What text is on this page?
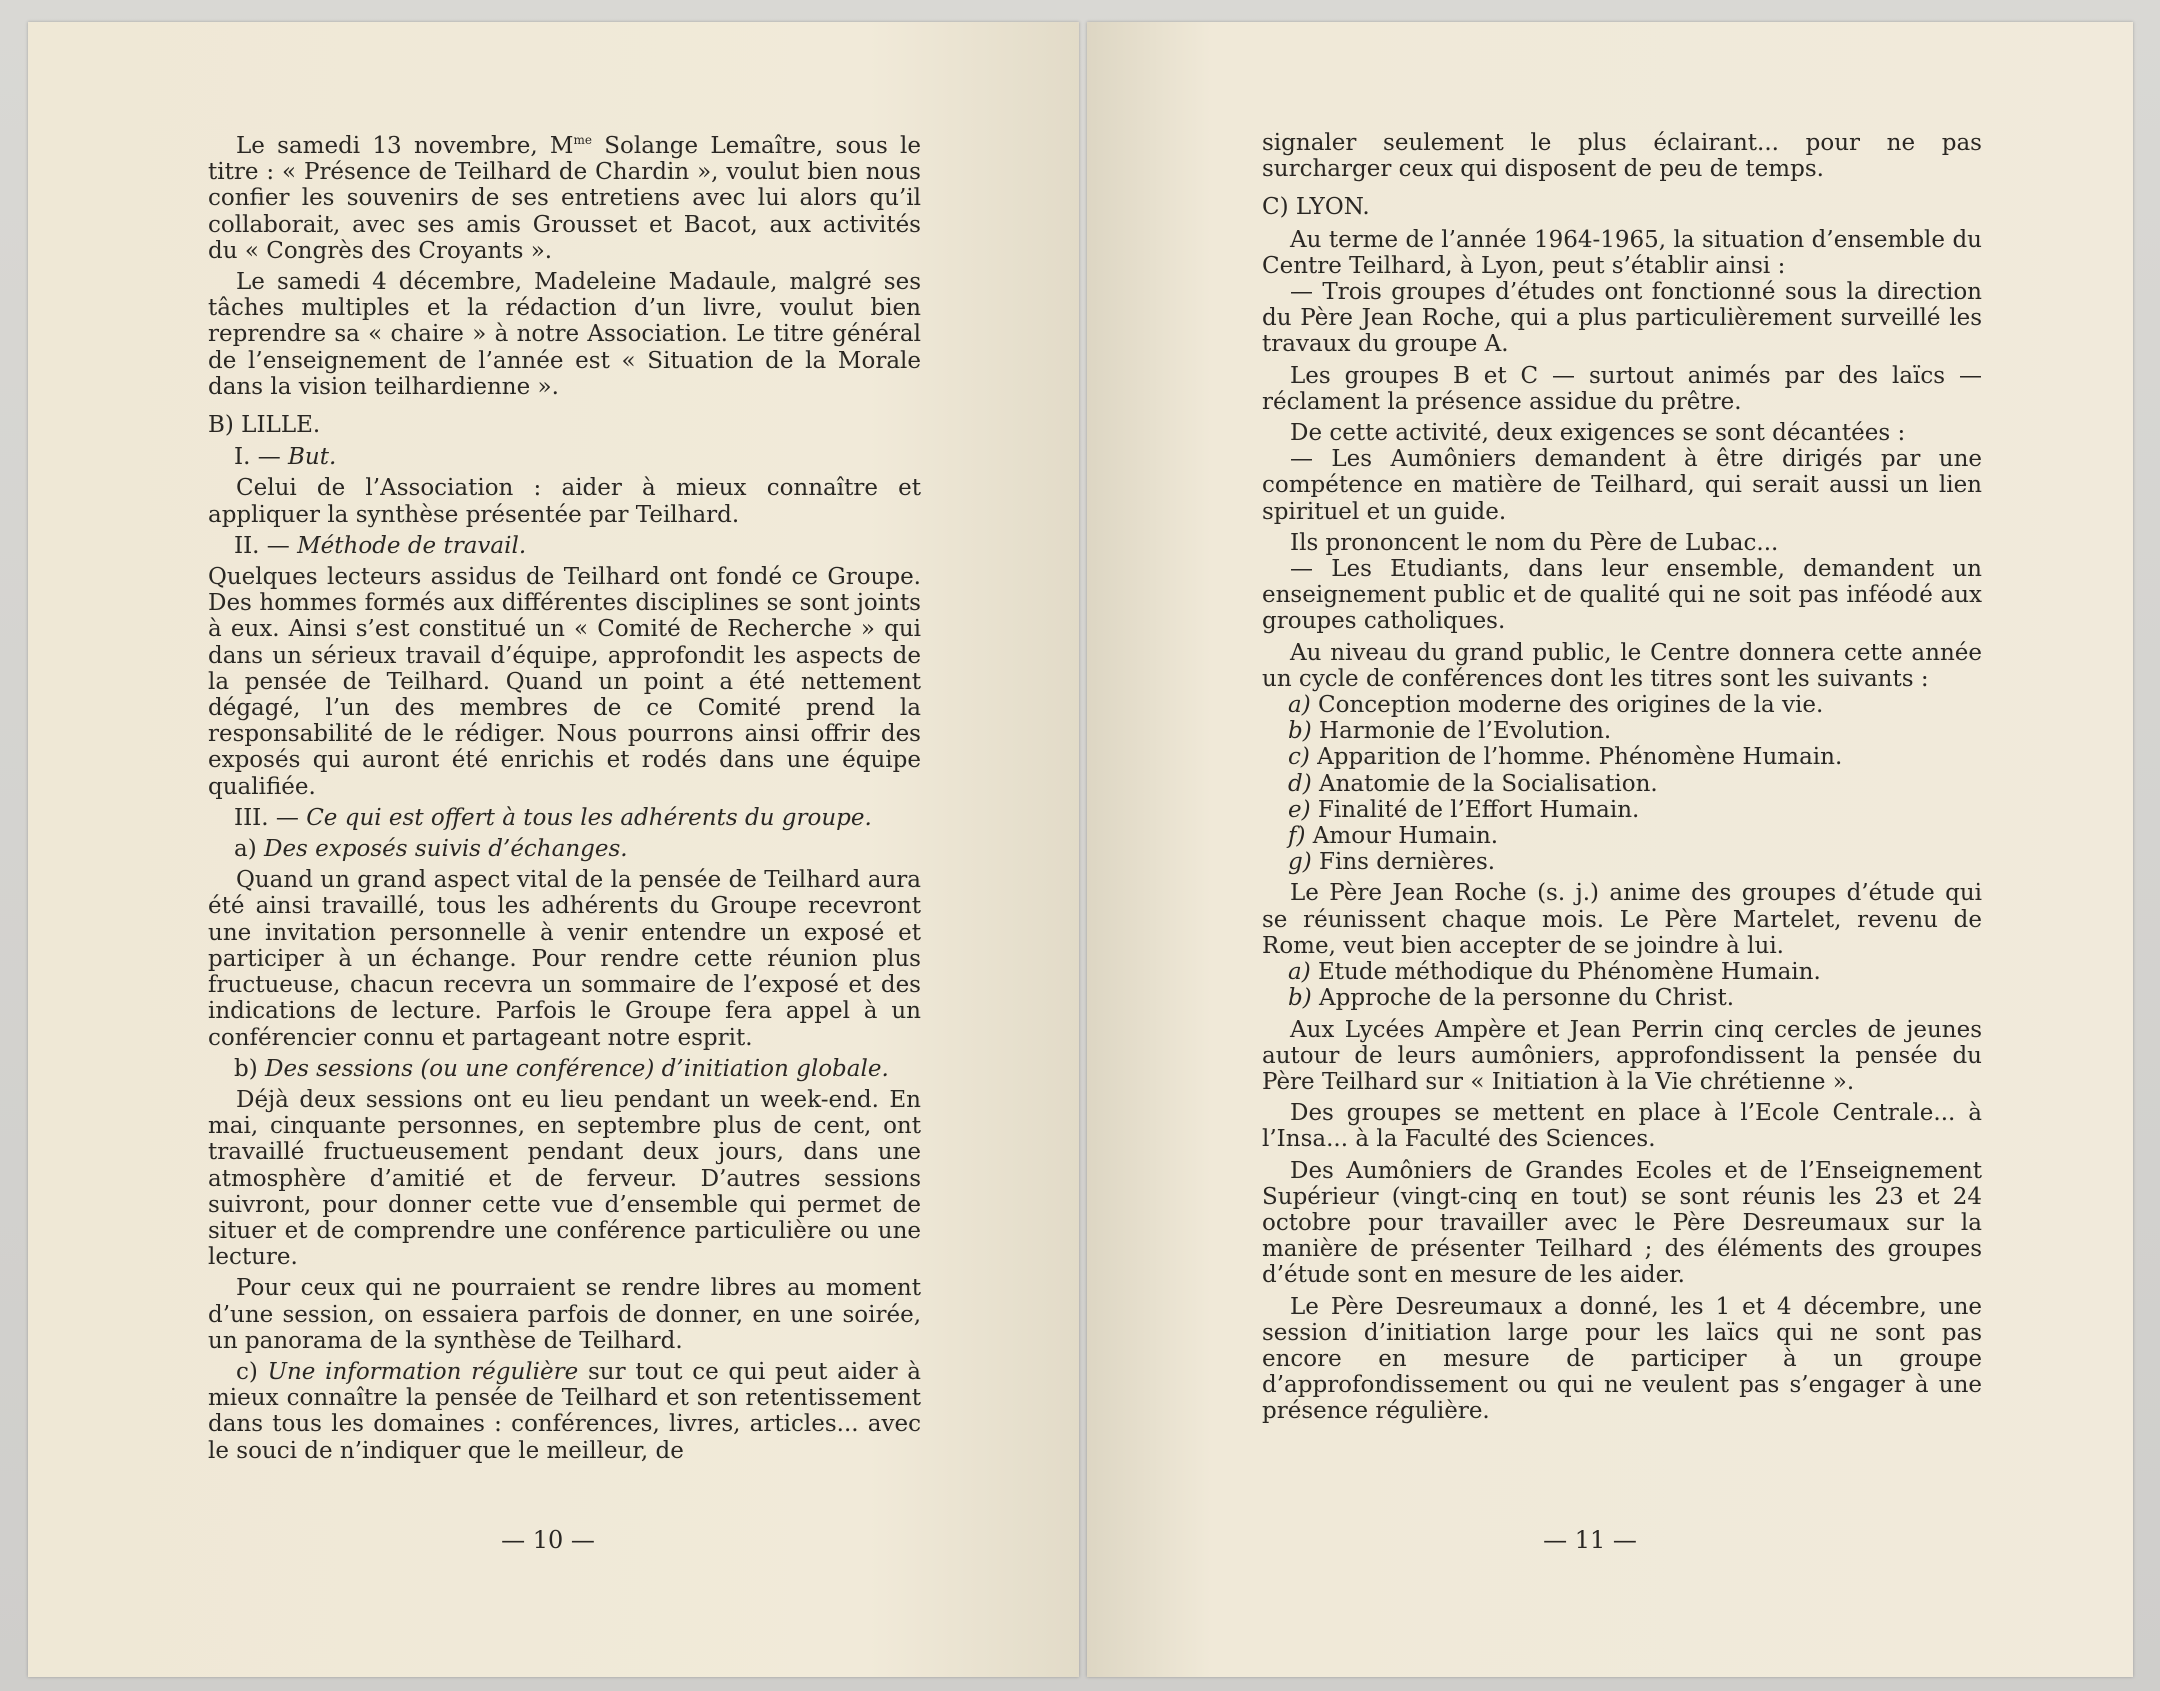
Le samedi 13 novembre, $M^{me}$ Solange Lemaître, sous le titre : « Présence de Teilhard de Chardin », voulut bien nous confier les souvenirs de ses entretiens avec lui alors qu’il collaborait, avec ses amis Grousset et Bacot, aux activités du « Congrès des Croyants ».

Le samedi 4 décembre, Madeleine Madaule, malgré ses tâches multiples et la rédaction d’un livre, voulut bien reprendre sa « chaire » à notre Association. Le titre général de l’enseignement de l’année est « Situation de la Morale dans la vision teilhardienne ».

B) LILLE.

I. — But.

Celui de l’Association : aider à mieux connaître et appliquer la synthèse présentée par Teilhard.

II. — Méthode de travail.

Quelques lecteurs assidus de Teilhard ont fondé ce Groupe. Des hommes formés aux différentes disciplines se sont joints à eux. Ainsi s’est constitué un « Comité de Recherche » qui dans un sérieux travail d’équipe, approfondit les aspects de la pensée de Teilhard. Quand un point a été nettement dégagé, l’un des membres de ce Comité prend la responsabilité de le rédiger. Nous pourrons ainsi offrir des exposés qui auront été enrichis et rodés dans une équipe qualifiée.

III. — Ce qui est offert à tous les adhérents du groupe.

a) Des exposés suivis d’échanges.

Quand un grand aspect vital de la pensée de Teilhard aura été ainsi travaillé, tous les adhérents du Groupe recevront une invitation personnelle à venir entendre un exposé et participer à un échange. Pour rendre cette réunion plus fructueuse, chacun recevra un sommaire de l’exposé et des indications de lecture. Parfois le Groupe fera appel à un conférencier connu et partageant notre esprit.

b) Des sessions (ou une conférence) d’initiation globale.

Déjà deux sessions ont eu lieu pendant un week-end. En mai, cinquante personnes, en septembre plus de cent, ont travaillé fructueusement pendant deux jours, dans une atmosphère d’amitié et de ferveur. D’autres sessions suivront, pour donner cette vue d’ensemble qui permet de situer et de comprendre une conférence particulière ou une lecture.

Pour ceux qui ne pourraient se rendre libres au moment d’une session, on essaiera parfois de donner, en une soirée, un panorama de la synthèse de Teilhard.

c) Une information régulière sur tout ce qui peut aider à mieux connaître la pensée de Teilhard et son retentissement dans tous les domaines : conférences, livres, articles... avec le souci de n’indiquer que le meilleur, de

— 10 —

signaler seulement le plus éclairant... pour ne pas surcharger ceux qui disposent de peu de temps.

C) LYON.

Au terme de l’année 1964-1965, la situation d’ensemble du Centre Teilhard, à Lyon, peut s’établir ainsi :

— Trois groupes d’études ont fonctionné sous la direction du Père Jean Roche, qui a plus particulièrement surveillé les travaux du groupe A.

Les groupes B et C — surtout animés par des laïcs — réclament la présence assidue du prêtre.

De cette activité, deux exigences se sont décantées :

— Les Aumôniers demandent à être dirigés par une compétence en matière de Teilhard, qui serait aussi un lien spirituel et un guide.

Ils prononcent le nom du Père de Lubac...

— Les Etudiants, dans leur ensemble, demandent un enseignement public et de qualité qui ne soit pas inféodé aux groupes catholiques.

Au niveau du grand public, le Centre donnera cette année un cycle de conférences dont les titres sont les suivants :

a) Conception moderne des origines de la vie.

b) Harmonie de l’Evolution.

c) Apparition de l’homme. Phénomène Humain.

d) Anatomie de la Socialisation.

e) Finalité de l’Effort Humain.

f) Amour Humain.

g) Fins dernières.

Le Père Jean Roche (s. j.) anime des groupes d’étude qui se réunissent chaque mois. Le Père Martelet, revenu de Rome, veut bien accepter de se joindre à lui.

a) Etude méthodique du Phénomène Humain.

b) Approche de la personne du Christ.

Aux Lycées Ampère et Jean Perrin cinq cercles de jeunes autour de leurs aumôniers, approfondissent la pensée du Père Teilhard sur « Initiation à la Vie chrétienne ».

Des groupes se mettent en place à l’Ecole Centrale... à l’Insa... à la Faculté des Sciences.

Des Aumôniers de Grandes Ecoles et de l’Enseignement Supérieur (vingt-cinq en tout) se sont réunis les 23 et 24 octobre pour travailler avec le Père Desreumaux sur la manière de présenter Teilhard ; des éléments des groupes d’étude sont en mesure de les aider.

Le Père Desreumaux a donné, les 1 et 4 décembre, une session d’initiation large pour les laïcs qui ne sont pas encore en mesure de participer à un groupe d’approfondissement ou qui ne veulent pas s’engager à une présence régulière.

— 11 —
